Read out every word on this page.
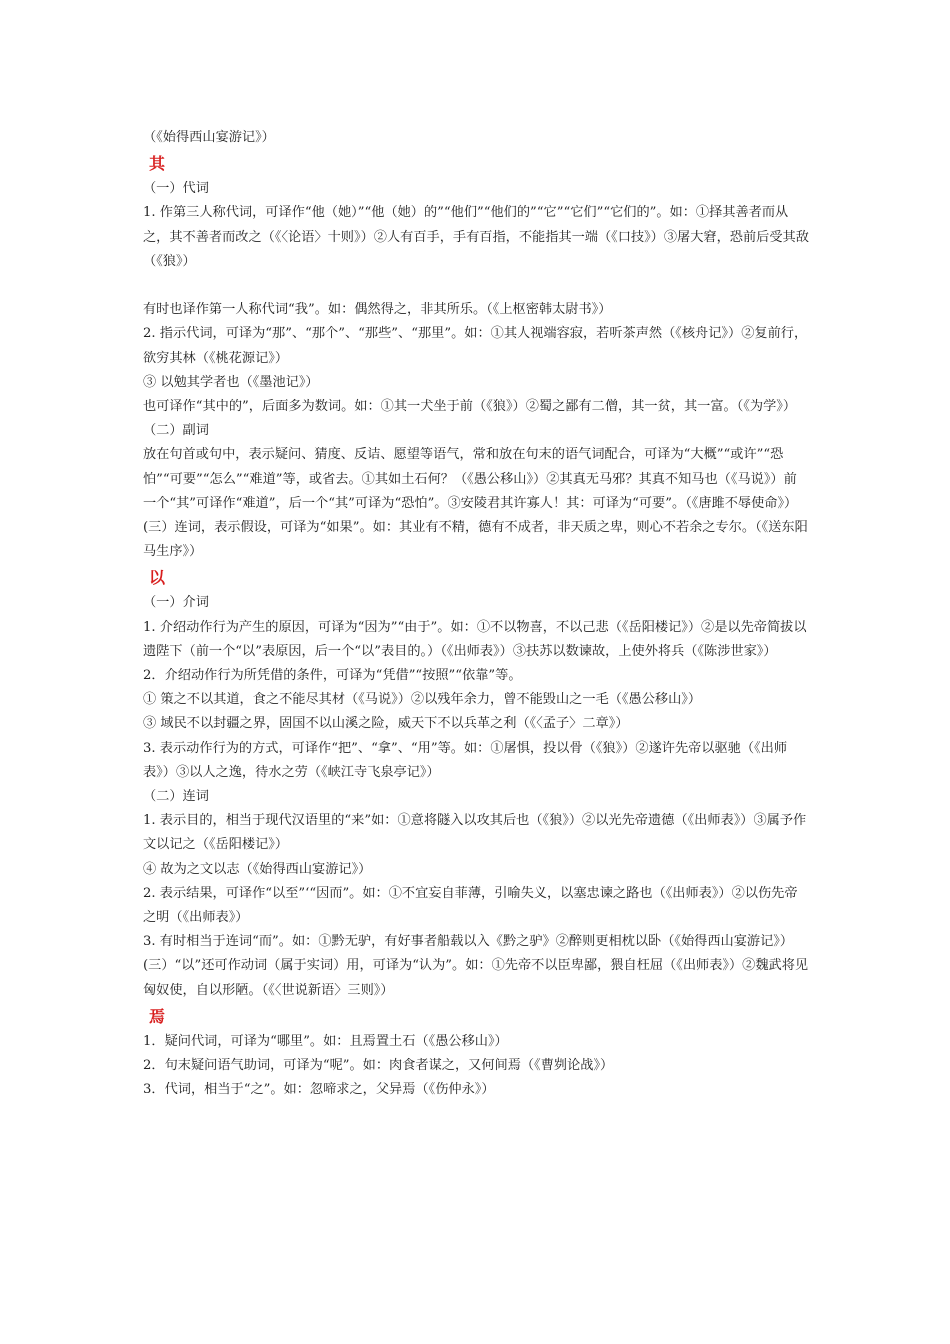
（《始得西山宴游记》）

其

（一）代词

1. 作第三人称代词，可译作“他（她）”“他（她）的”“他们”“他们的”“它”“它们”“它们的”。如：①择其善者而从之，其不善者而改之（《〈论语〉十则》）②人有百手，手有百指，不能指其一端（《口技》）③屠大窘，恐前后受其敌（《狼》）

有时也译作第一人称代词“我”。如：偶然得之，非其所乐。（《上枢密韩太尉书》）

2. 指示代词，可译为“那”、“那个”、“那些”、“那里”。如：①其人视端容寂，若听茶声然（《核舟记》）②复前行，欲穷其林（《桃花源记》）

③ 以勉其学者也（《墨池记》）

也可译作“其中的”，后面多为数词。如：①其一犬坐于前（《狼》）②蜀之鄙有二僧，其一贫，其一富。（《为学》）

（二）副词

放在句首或句中，表示疑问、猜度、反诘、愿望等语气，常和放在句末的语气词配合，可译为“大概”“或许”“恐怕”“可要”“怎么”“难道”等，或省去。①其如土石何？（《愚公移山》）②其真无马邪？其真不知马也（《马说》）前一个“其”可译作“难道”，后一个“其”可译为“恐怕”。③安陵君其许寡人！其：可译为“可要”。（《唐雎不辱使命》）

(三）连词，表示假设，可译为“如果”。如：其业有不精，德有不成者，非天质之卑，则心不若余之专尔。（《送东阳马生序》）

以

（一）介词

1. 介绍动作行为产生的原因，可译为“因为”“由于”。如：①不以物喜，不以己悲（《岳阳楼记》）②是以先帝简拔以遗陛下（前一个“以”表原因，后一个“以”表目的。）（《出师表》）③扶苏以数谏故，上使外将兵（《陈涉世家》）

2．介绍动作行为所凭借的条件，可译为“凭借”“按照”“依靠”等。

① 策之不以其道，食之不能尽其材（《马说》）②以残年余力，曾不能毁山之一毛（《愚公移山》）

③ 域民不以封疆之界，固国不以山溪之险，威天下不以兵革之利（《〈孟子〉二章》）

3. 表示动作行为的方式，可译作“把”、“拿”、“用”等。如：①屠惧，投以骨（《狼》）②遂许先帝以驱驰（《出师表》）③以人之逸，待水之劳（《峡江寺飞泉亭记》）

（二）连词

1. 表示目的，相当于现代汉语里的“来”如：①意将隧入以攻其后也（《狼》）②以光先帝遗德（《出师表》）③属予作文以记之（《岳阳楼记》）

④ 故为之文以志（《始得西山宴游记》）

2. 表示结果，可译作“以至”‘“因而”。如：①不宜妄自菲薄，引喻失义，以塞忠谏之路也（《出师表》）②以伤先帝之明（《出师表》）

3. 有时相当于连词“而”。如：①黔无驴，有好事者船载以入《黔之驴》②醉则更相枕以卧（《始得西山宴游记》）

(三）“以”还可作动词（属于实词）用，可译为“认为”。如：①先帝不以臣卑鄙，猥自枉屈（《出师表》）②魏武将见匈奴使，自以形陋。（《〈世说新语〉三则》）

焉

1．疑问代词，可译为“哪里”。如：且焉置土石（《愚公移山》）

2．句末疑问语气助词，可译为“呢”。如：肉食者谋之，又何间焉（《曹刿论战》）

3．代词，相当于“之”。如：忽啼求之，父异焉（《伤仲永》）
